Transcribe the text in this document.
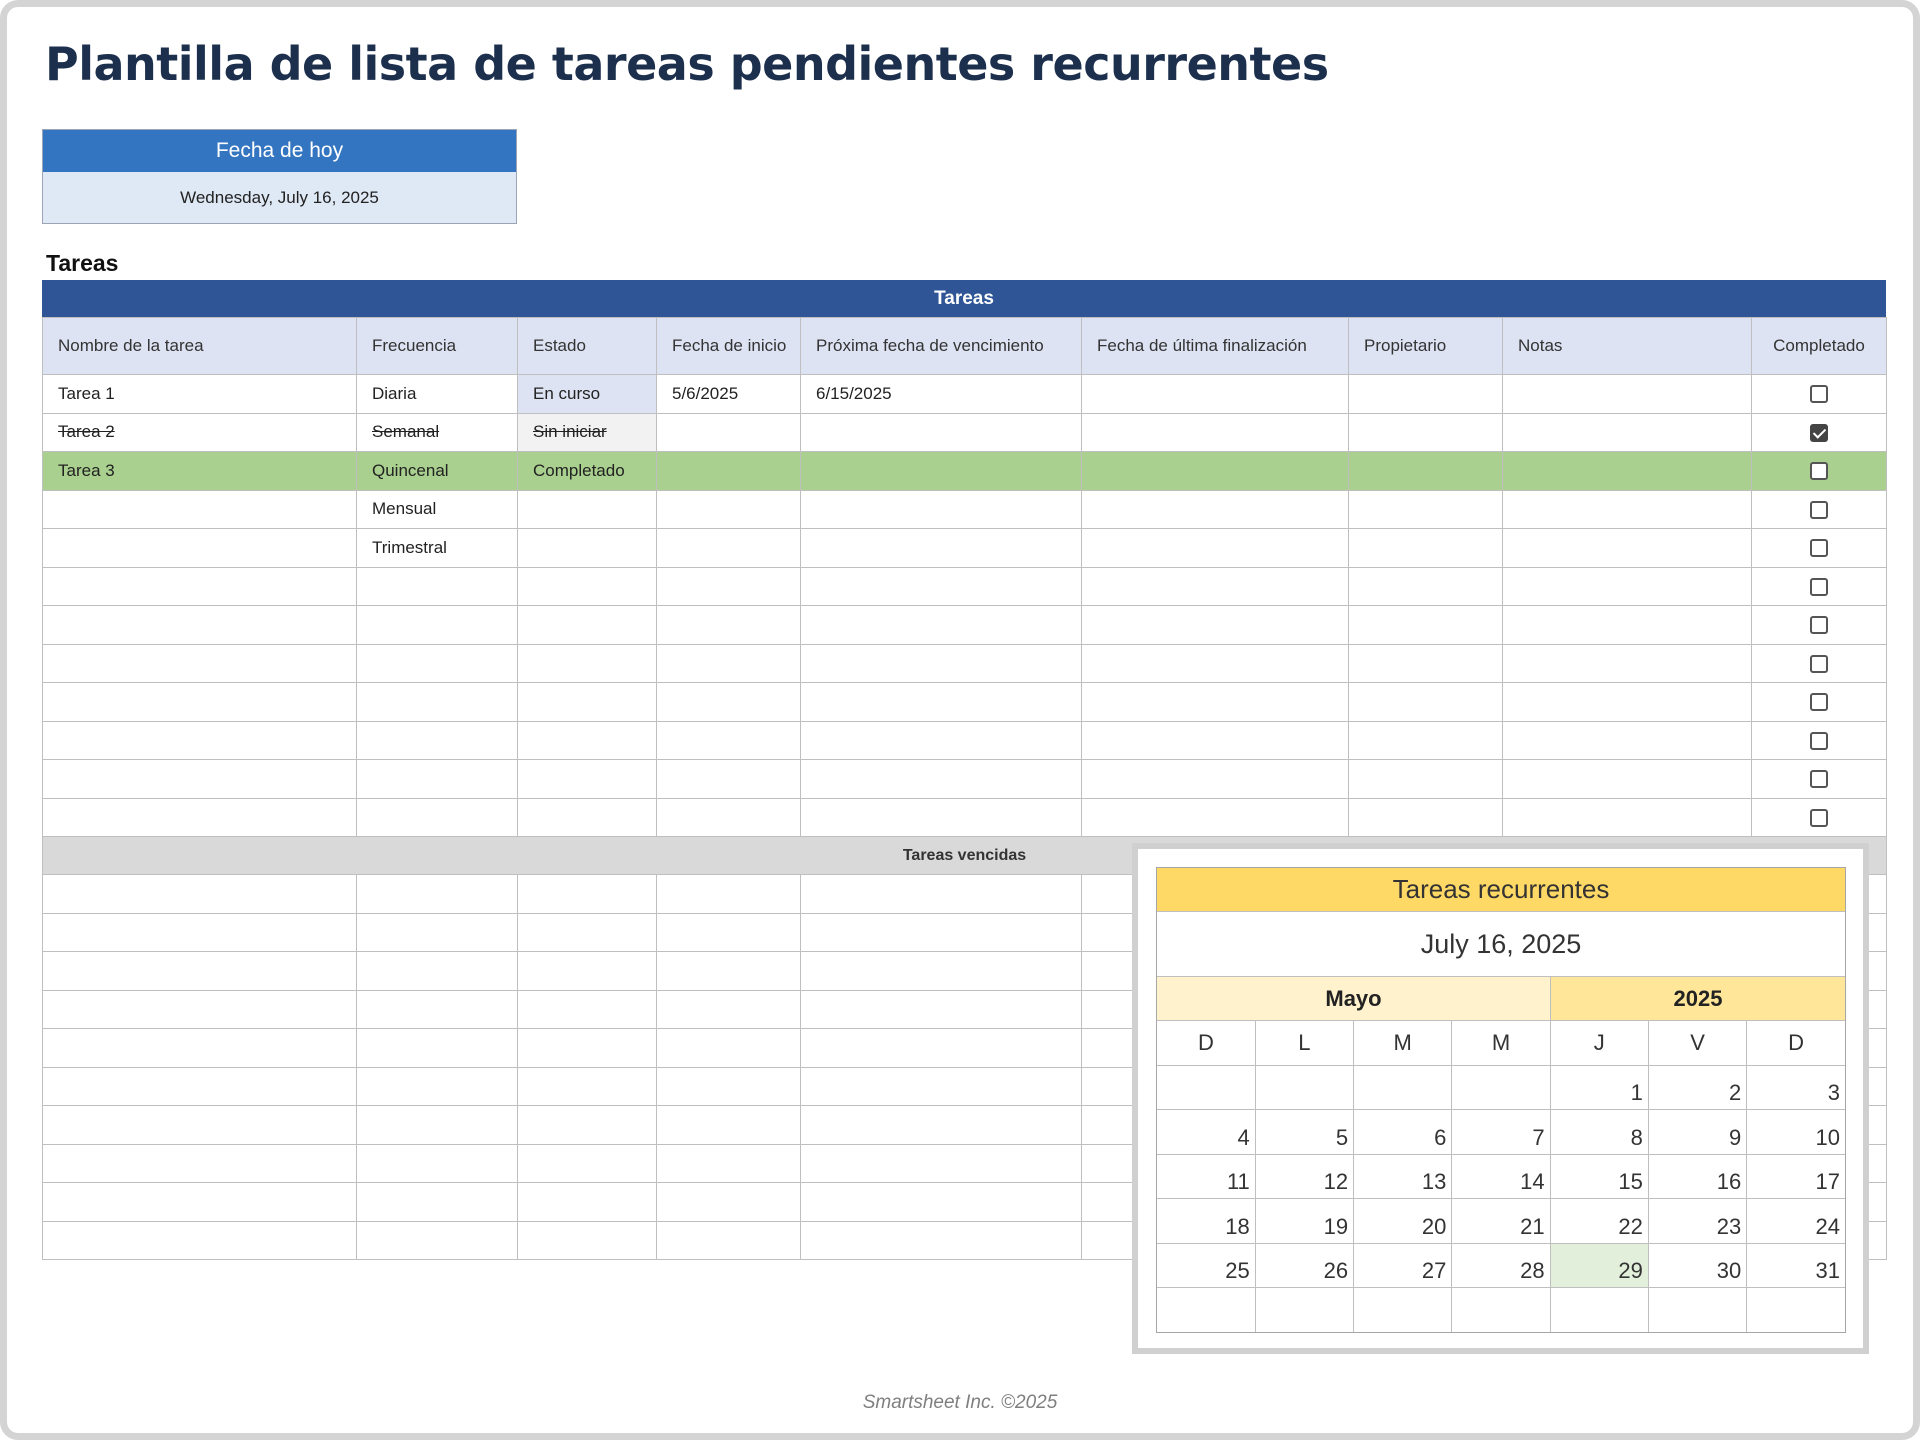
Plantilla de lista de tareas pendientes recurrentes
Fecha de hoy
Wednesday, July 16, 2025
Tareas
Tareas
Nombre de la tarea	Frecuencia	Estado	Fecha de inicio	Próxima fecha de vencimiento	Fecha de última finalización	Propietario	Notas	Completado
Tarea 1	Diaria	En curso	5/6/2025	6/15/2025				
Tarea 2	Semanal	Sin iniciar						
Tarea 3	Quincenal	Completado						
	Mensual							
	Trimestral							

Tareas vencidas								

Tareas recurrentes
July 16, 2025
Mayo	2025
D	L	M	M	J	V	D
				1	2	3
4	5	6	7	8	9	10
11	12	13	14	15	16	17
18	19	20	21	22	23	24
25	26	27	28	29	30	31

Smartsheet Inc. ©2025
